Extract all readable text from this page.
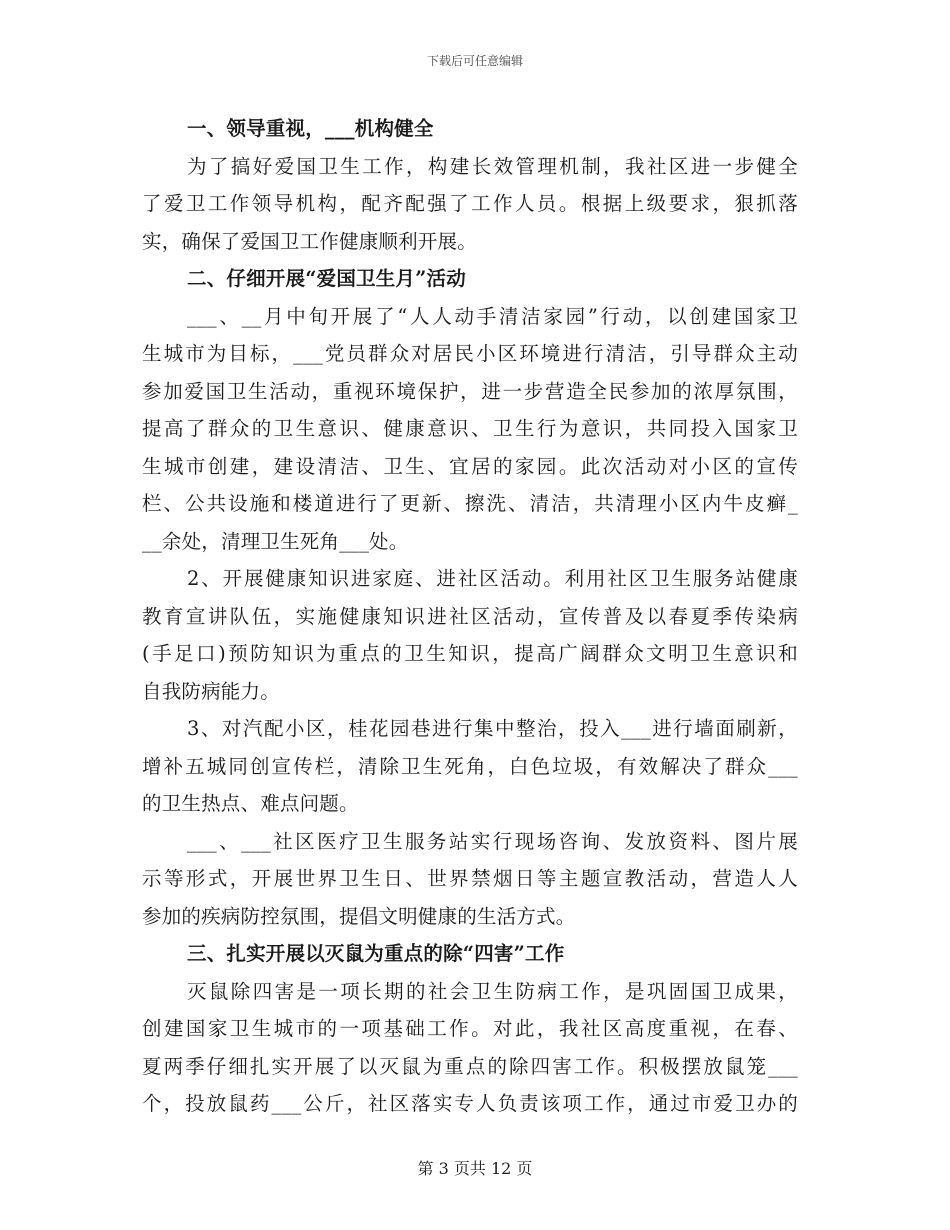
下载后可任意编辑
一、领导重视，___机构健全
为了搞好爱国卫生工作，构建长效管理机制，我社区进一步健全
了爱卫工作领导机构，配齐配强了工作人员。根据上级要求，狠抓落
实，确保了爱国卫工作健康顺利开展。
二、仔细开展“爱国卫生月”活动
___、__月中旬开展了“人人动手清洁家园”行动，以创建国家卫
生城市为目标，___党员群众对居民小区环境进行清洁，引导群众主动
参加爱国卫生活动，重视环境保护，进一步营造全民参加的浓厚氛围，
提高了群众的卫生意识、健康意识、卫生行为意识，共同投入国家卫
生城市创建，建设清洁、卫生、宜居的家园。此次活动对小区的宣传
栏、公共设施和楼道进行了更新、擦洗、清洁，共清理小区内牛皮癣_
__余处，清理卫生死角___处。
2、开展健康知识进家庭、进社区活动。利用社区卫生服务站健康
教育宣讲队伍，实施健康知识进社区活动，宣传普及以春夏季传染病
(手足口)预防知识为重点的卫生知识，提高广阔群众文明卫生意识和
自我防病能力。
3、对汽配小区，桂花园巷进行集中整治，投入___进行墙面刷新，
增补五城同创宣传栏，清除卫生死角，白色垃圾，有效解决了群众___
的卫生热点、难点问题。
___、___社区医疗卫生服务站实行现场咨询、发放资料、图片展
示等形式，开展世界卫生日、世界禁烟日等主题宣教活动，营造人人
参加的疾病防控氛围，提倡文明健康的生活方式。
三、扎实开展以灭鼠为重点的除“四害”工作
灭鼠除四害是一项长期的社会卫生防病工作，是巩固国卫成果，
创建国家卫生城市的一项基础工作。对此，我社区高度重视，在春、
夏两季仔细扎实开展了以灭鼠为重点的除四害工作。积极摆放鼠笼___
个，投放鼠药___公斤，社区落实专人负责该项工作，通过市爱卫办的
第 3 页共 12 页
